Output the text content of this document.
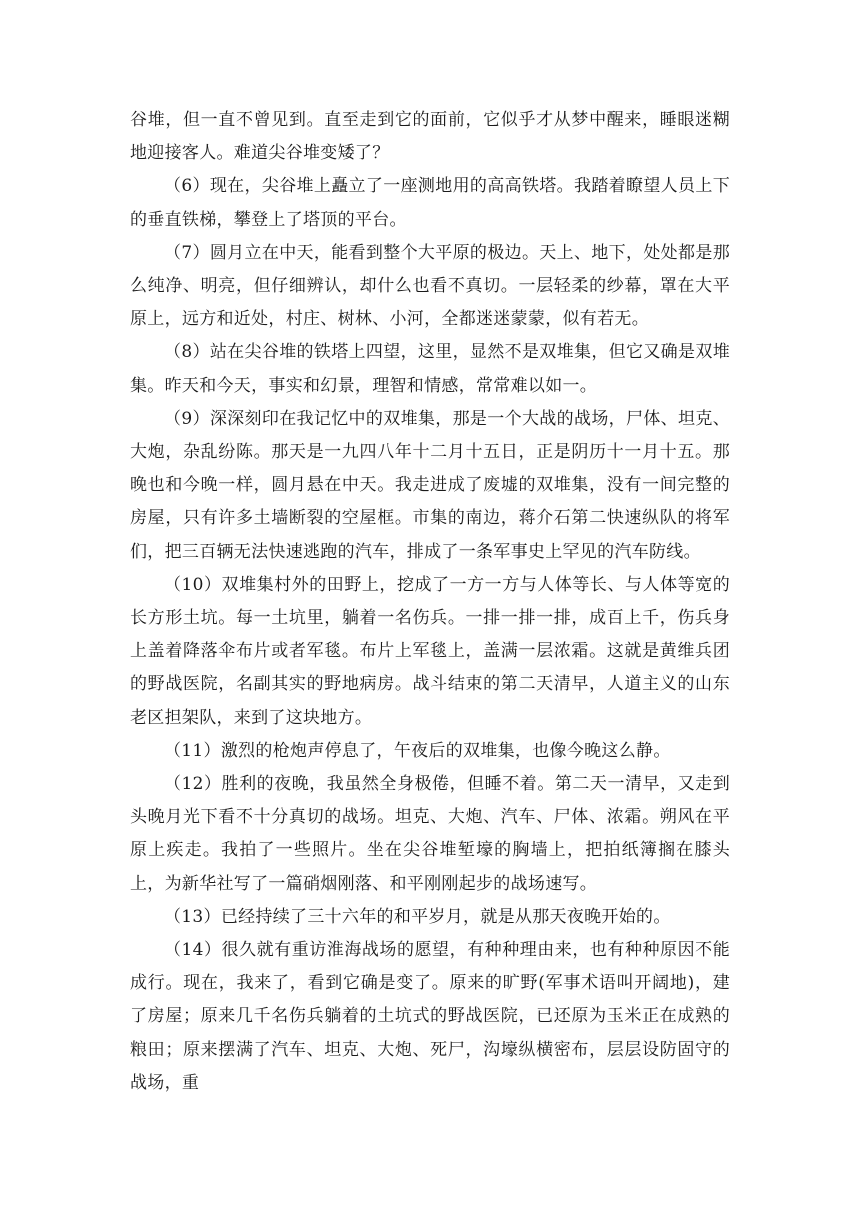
谷堆，但一直不曾见到。直至走到它的面前，它似乎才从梦中醒来，睡眼迷糊地迎接客人。难道尖谷堆变矮了？

（6）现在，尖谷堆上矗立了一座测地用的高高铁塔。我踏着瞭望人员上下的垂直铁梯，攀登上了塔顶的平台。

（7）圆月立在中天，能看到整个大平原的极边。天上、地下，处处都是那么纯净、明亮，但仔细辨认，却什么也看不真切。一层轻柔的纱幕，罩在大平原上，远方和近处，村庄、树林、小河，全都迷迷蒙蒙，似有若无。

（8）站在尖谷堆的铁塔上四望，这里，显然不是双堆集，但它又确是双堆集。昨天和今天，事实和幻景，理智和情感，常常难以如一。

（9）深深刻印在我记忆中的双堆集，那是一个大战的战场，尸体、坦克、大炮，杂乱纷陈。那天是一九四八年十二月十五日，正是阴历十一月十五。那晚也和今晚一样，圆月悬在中天。我走进成了废墟的双堆集，没有一间完整的房屋，只有许多土墙断裂的空屋框。市集的南边，蒋介石第二快速纵队的将军们，把三百辆无法快速逃跑的汽车，排成了一条军事史上罕见的汽车防线。

（10）双堆集村外的田野上，挖成了一方一方与人体等长、与人体等宽的长方形土坑。每一土坑里，躺着一名伤兵。一排一排一排，成百上千，伤兵身上盖着降落伞布片或者军毯。布片上军毯上，盖满一层浓霜。这就是黄维兵团的野战医院，名副其实的野地病房。战斗结束的第二天清早，人道主义的山东老区担架队，来到了这块地方。

（11）激烈的枪炮声停息了，午夜后的双堆集，也像今晚这么静。

（12）胜利的夜晚，我虽然全身极倦，但睡不着。第二天一清早，又走到头晚月光下看不十分真切的战场。坦克、大炮、汽车、尸体、浓霜。朔风在平原上疾走。我拍了一些照片。坐在尖谷堆堑壕的胸墙上，把拍纸簿搁在膝头上，为新华社写了一篇硝烟刚落、和平刚刚起步的战场速写。

（13）已经持续了三十六年的和平岁月，就是从那天夜晚开始的。

（14）很久就有重访淮海战场的愿望，有种种理由来，也有种种原因不能成行。现在，我来了，看到它确是变了。原来的旷野(军事术语叫开阔地)，建了房屋；原来几千名伤兵躺着的土坑式的野战医院，已还原为玉米正在成熟的粮田；原来摆满了汽车、坦克、大炮、死尸，沟壕纵横密布，层层设防固守的战场，重
